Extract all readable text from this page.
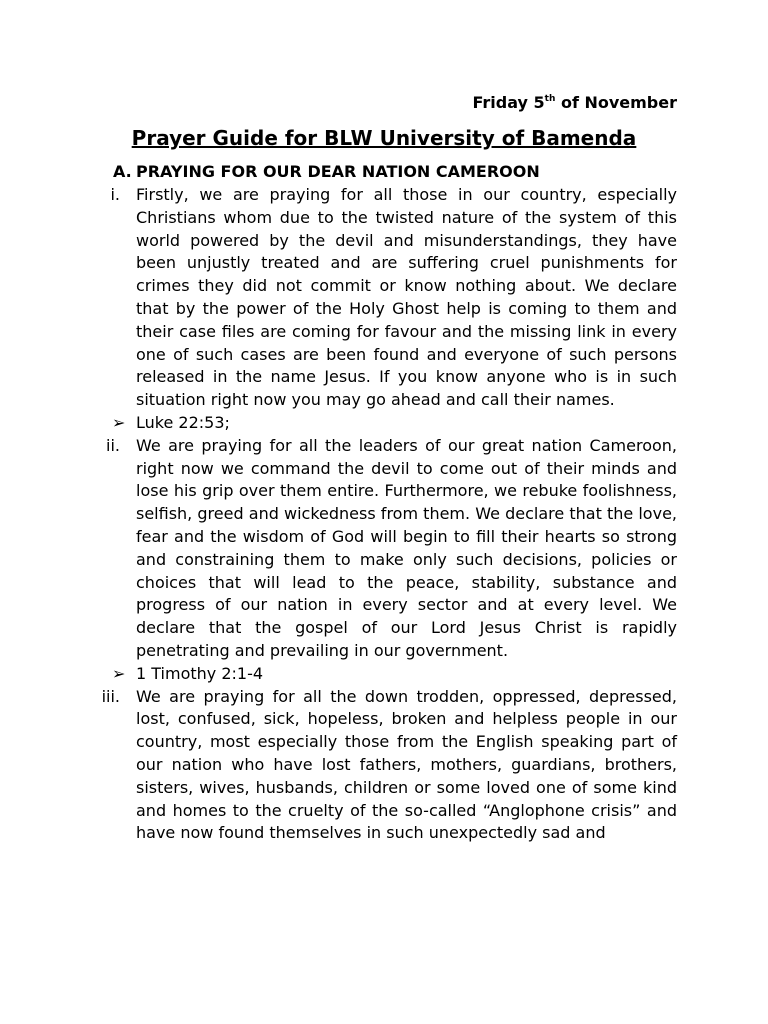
Friday 5th of November
Prayer Guide for BLW University of Bamenda
A. PRAYING FOR OUR DEAR NATION CAMEROON
i. Firstly, we are praying for all those in our country, especially Christians whom due to the twisted nature of the system of this world powered by the devil and misunderstandings, they have been unjustly treated and are suffering cruel punishments for crimes they did not commit or know nothing about. We declare that by the power of the Holy Ghost help is coming to them and their case files are coming for favour and the missing link in every one of such cases are been found and everyone of such persons released in the name Jesus. If you know anyone who is in such situation right now you may go ahead and call their names.
➢ Luke 22:53;
ii. We are praying for all the leaders of our great nation Cameroon, right now we command the devil to come out of their minds and lose his grip over them entire. Furthermore, we rebuke foolishness, selfish, greed and wickedness from them. We declare that the love, fear and the wisdom of God will begin to fill their hearts so strong and constraining them to make only such decisions, policies or choices that will lead to the peace, stability, substance and progress of our nation in every sector and at every level. We declare that the gospel of our Lord Jesus Christ is rapidly penetrating and prevailing in our government.
➢ 1 Timothy 2:1-4
iii. We are praying for all the down trodden, oppressed, depressed, lost, confused, sick, hopeless, broken and helpless people in our country, most especially those from the English speaking part of our nation who have lost fathers, mothers, guardians, brothers, sisters, wives, husbands, children or some loved one of some kind and homes to the cruelty of the so-called “Anglophone crisis” and have now found themselves in such unexpectedly sad and
